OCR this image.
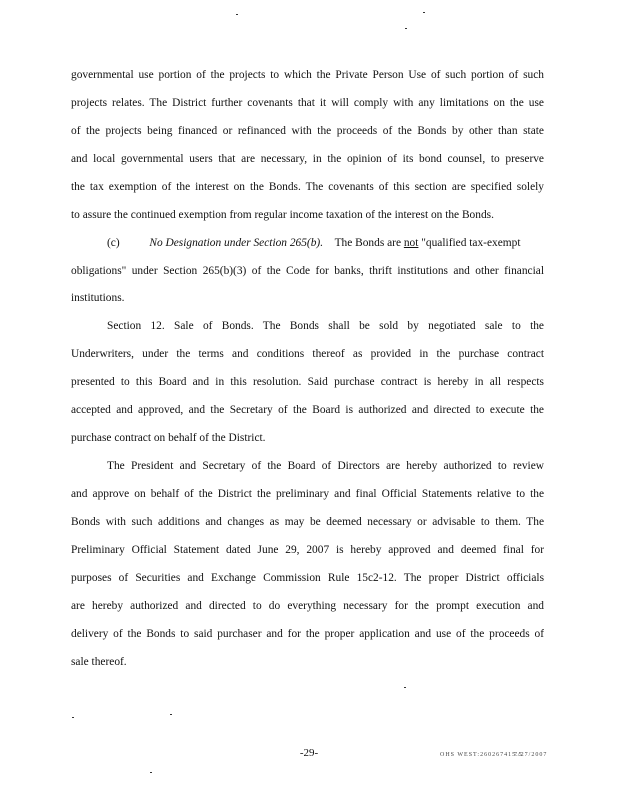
governmental use portion of the projects to which the Private Person Use of such portion of such
projects relates. The District further covenants that it will comply with any limitations on the use
of the projects being financed or refinanced with the proceeds of the Bonds by other than state
and local governmental users that are necessary, in the opinion of its bond counsel, to preserve
the tax exemption of the interest on the Bonds. The covenants of this section are specified solely
to assure the continued exemption from regular income taxation of the interest on the Bonds.
(c)	No Designation under Section 265(b). The Bonds are not "qualified tax-exempt
obligations" under Section 265(b)(3) of the Code for banks, thrift institutions and other financial
institutions.
Section 12. Sale of Bonds. The Bonds shall be sold by negotiated sale to the
Underwriters, under the terms and conditions thereof as provided in the purchase contract
presented to this Board and in this resolution. Said purchase contract is hereby in all respects
accepted and approved, and the Secretary of the Board is authorized and directed to execute the
purchase contract on behalf of the District.
The President and Secretary of the Board of Directors are hereby authorized to review
and approve on behalf of the District the preliminary and final Official Statements relative to the
Bonds with such additions and changes as may be deemed necessary or advisable to them. The
Preliminary Official Statement dated June 29, 2007 is hereby approved and deemed final for
purposes of Securities and Exchange Commission Rule 15c2-12. The proper District officials
are hereby authorized and directed to do everything necessary for the prompt execution and
delivery of the Bonds to said purchaser and for the proper application and use of the proceeds of
sale thereof.
-29-	OHS WEST:260267415.5
7/27/2007
